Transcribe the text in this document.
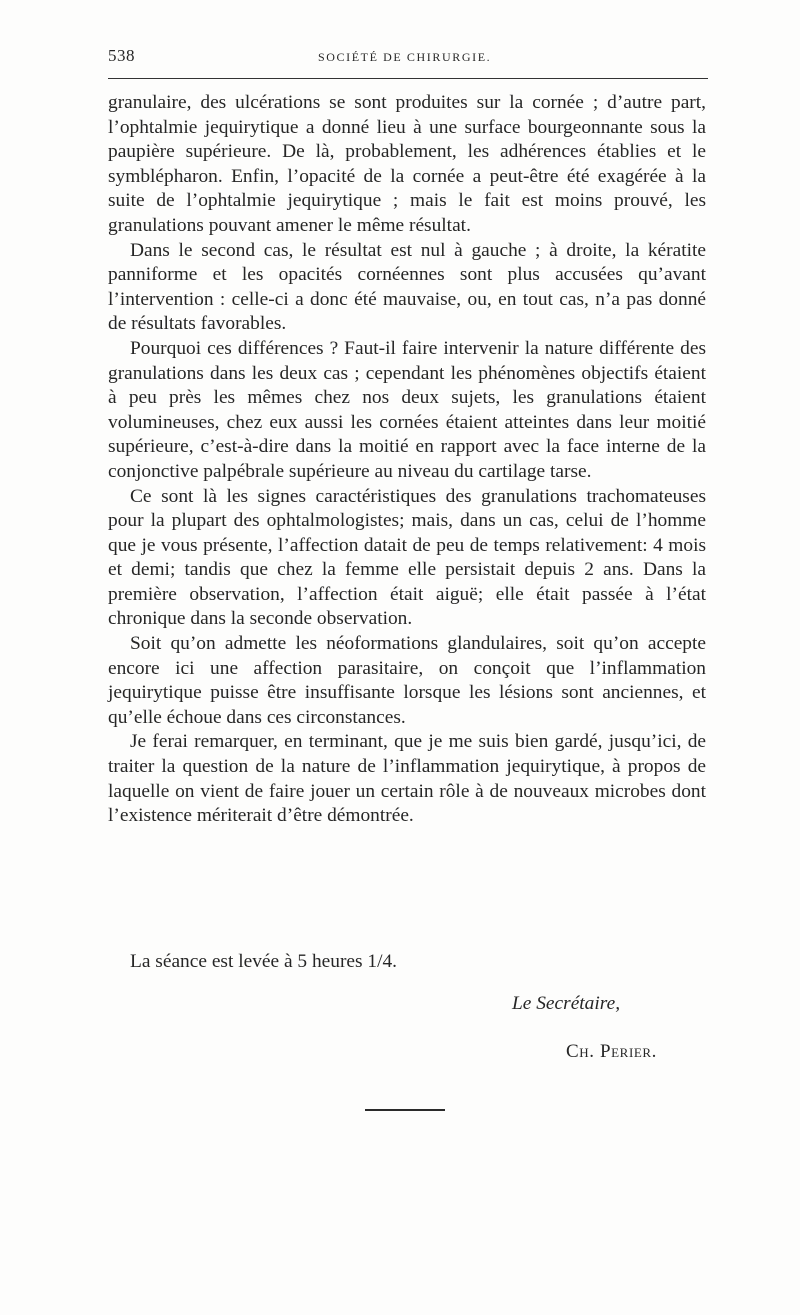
538	SOCIÉTÉ DE CHIRURGIE.

granulaire, des ulcérations se sont produites sur la cornée ; d’autre part, l’ophtalmie jequirytique a donné lieu à une surface bourgeonnante sous la paupière supérieure. De là, probablement, les adhérences établies et le symblépharon. Enfin, l’opacité de la cornée a peut-être été exagérée à la suite de l’ophtalmie jequirytique ; mais le fait est moins prouvé, les granulations pouvant amener le même résultat.

Dans le second cas, le résultat est nul à gauche ; à droite, la kératite panniforme et les opacités cornéennes sont plus accusées qu’avant l’intervention : celle-ci a donc été mauvaise, ou, en tout cas, n’a pas donné de résultats favorables.

Pourquoi ces différences ? Faut-il faire intervenir la nature différente des granulations dans les deux cas ; cependant les phénomènes objectifs étaient à peu près les mêmes chez nos deux sujets, les granulations étaient volumineuses, chez eux aussi les cornées étaient atteintes dans leur moitié supérieure, c’est-à-dire dans la moitié en rapport avec la face interne de la conjonctive palpébrale supérieure au niveau du cartilage tarse.

Ce sont là les signes caractéristiques des granulations trachomateuses pour la plupart des ophtalmologistes; mais, dans un cas, celui de l’homme que je vous présente, l’affection datait de peu de temps relativement: 4 mois et demi; tandis que chez la femme elle persistait depuis 2 ans. Dans la première observation, l’affection était aiguë; elle était passée à l’état chronique dans la seconde observation.

Soit qu’on admette les néoformations glandulaires, soit qu’on accepte encore ici une affection parasitaire, on conçoit que l’inflammation jequirytique puisse être insuffisante lorsque les lésions sont anciennes, et qu’elle échoue dans ces circonstances.

Je ferai remarquer, en terminant, que je me suis bien gardé, jusqu’ici, de traiter la question de la nature de l’inflammation jequirytique, à propos de laquelle on vient de faire jouer un certain rôle à de nouveaux microbes dont l’existence mériterait d’être démontrée.

La séance est levée à 5 heures 1/4.
Le Secrétaire,
Ch. Perier.
